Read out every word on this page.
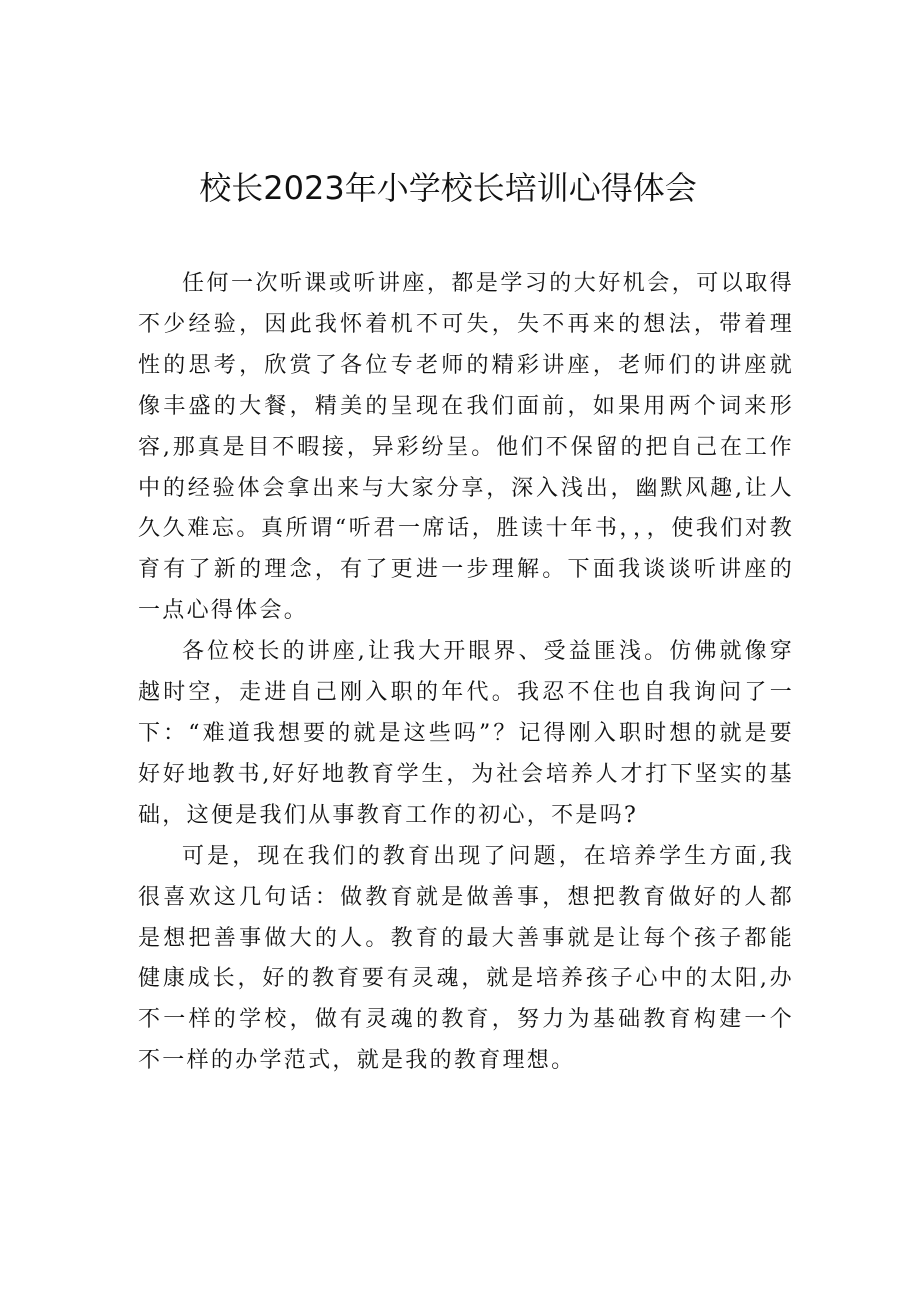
校长2023年小学校长培训心得体会

任何一次听课或听讲座，都是学习的大好机会，可以取得不少经验，因此我怀着机不可失，失不再来的想法，带着理性的思考，欣赏了各位专老师的精彩讲座，老师们的讲座就像丰盛的大餐，精美的呈现在我们面前，如果用两个词来形容,那真是目不暇接，异彩纷呈。他们不保留的把自己在工作中的经验体会拿出来与大家分享，深入浅出，幽默风趣,让人久久难忘。真所谓“听君一席话，胜读十年书，，，使我们对教育有了新的理念，有了更进一步理解。下面我谈谈听讲座的一点心得体会。

各位校长的讲座,让我大开眼界、受益匪浅。仿佛就像穿越时空，走进自己刚入职的年代。我忍不住也自我询问了一下：“难道我想要的就是这些吗”？记得刚入职时想的就是要好好地教书,好好地教育学生，为社会培养人才打下坚实的基础，这便是我们从事教育工作的初心，不是吗?

可是，现在我们的教育出现了问题，在培养学生方面,我很喜欢这几句话：做教育就是做善事，想把教育做好的人都是想把善事做大的人。教育的最大善事就是让每个孩子都能健康成长，好的教育要有灵魂，就是培养孩子心中的太阳,办不一样的学校，做有灵魂的教育，努力为基础教育构建一个不一样的办学范式，就是我的教育理想。
